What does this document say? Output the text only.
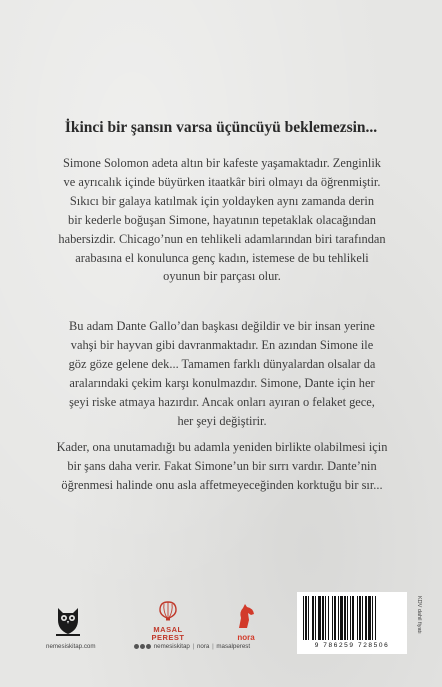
İkinci bir şansın varsa üçüncüyü beklemezsin...
Simone Solomon adeta altın bir kafeste yaşamaktadır. Zenginlik
ve ayrıcalık içinde büyürken itaatkâr biri olmayı da öğrenmiştir.
Sıkıcı bir galaya katılmak için yoldayken aynı zamanda derin
bir kederle boğuşan Simone, hayatının tepetaklak olacağından
habersizdir. Chicago’nun en tehlikeli adamlarından biri tarafından
arabasına el konulunca genç kadın, istemese de bu tehlikeli
oyunun bir parçası olur.
Bu adam Dante Gallo’dan başkası değildir ve bir insan yerine
vahşi bir hayvan gibi davranmaktadır. En azından Simone ile
göz göze gelene dek... Tamamen farklı dünyalardan olsalar da
aralarındaki çekim karşı konulmazdır. Simone, Dante için her
şeyi riske atmaya hazırdır. Ancak onları ayıran o felaket gece,
her şeyi değiştirir.
Kader, ona unutamadığı bu adamla yeniden birlikte olabilmesi için
bir şans daha verir. Fakat Simone’un bir sırrı vardır. Dante’nin
öğrenmesi halinde onu asla affetmeyeceğinden korktuğu bir sır...
MASAL
PEREST	nora
nemesiskitap.com	nemesiskitap | nora | masalperest	9 786259 728506
KDV dahil fiyatı
